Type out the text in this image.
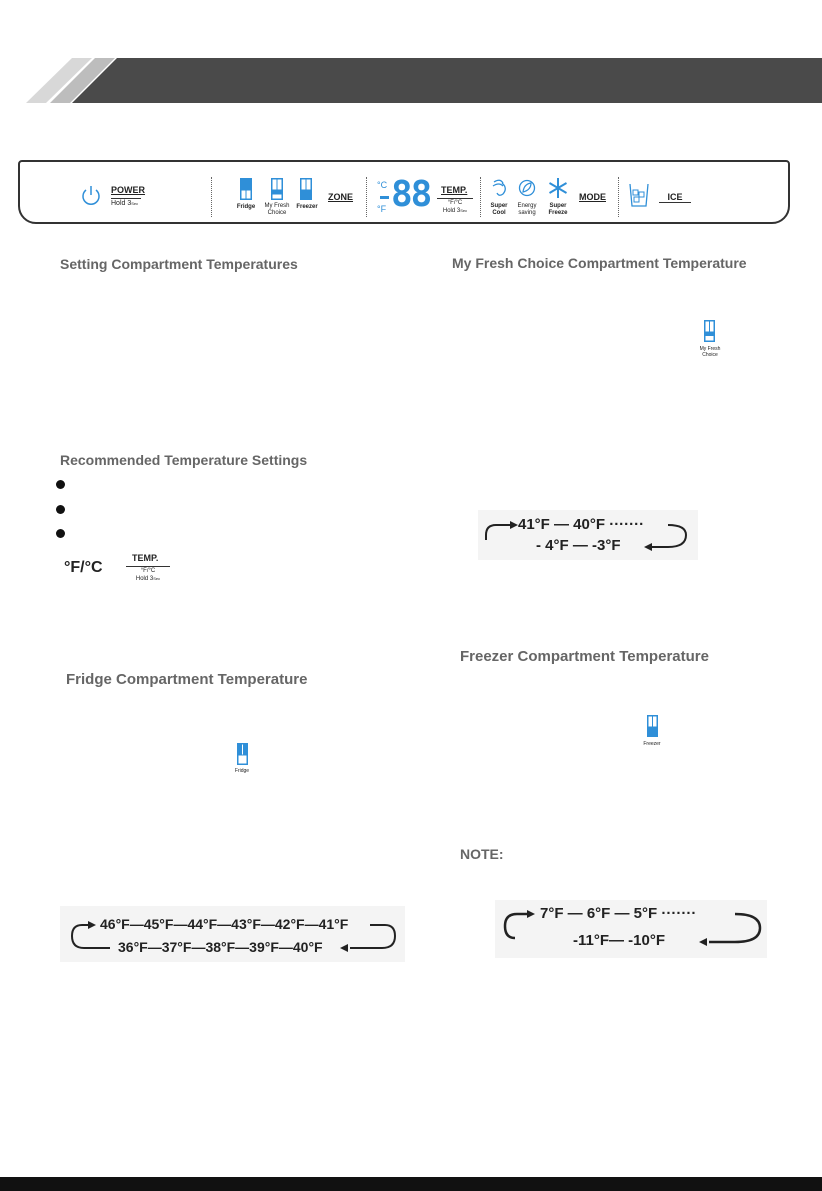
POWER
Hold 3Sec
Fridge	My Fresh
Choice
Freezer
ZONE
°C
°F 88 TEMP.
°F/°C
Hold 3Sec
Super
Cool
Energy
saving
Super
Freeze
MODE	ICE
Setting Compartment Temperatures	My Fresh Choice Compartment Temperature
My Fresh
Choice
Recommended Temperature Settings
°F/°C
TEMP.
°F/°C
Hold 3Sec
41°F — 40°F ·······
- 4°F — -3°F
Fridge Compartment Temperature
Fridge
46°F—45°F—44°F—43°F—42°F—41°F
36°F—37°F—38°F—39°F—40°F
Freezer Compartment Temperature
Freezer
NOTE:
7°F — 6°F — 5°F ·······
-11°F— -10°F
